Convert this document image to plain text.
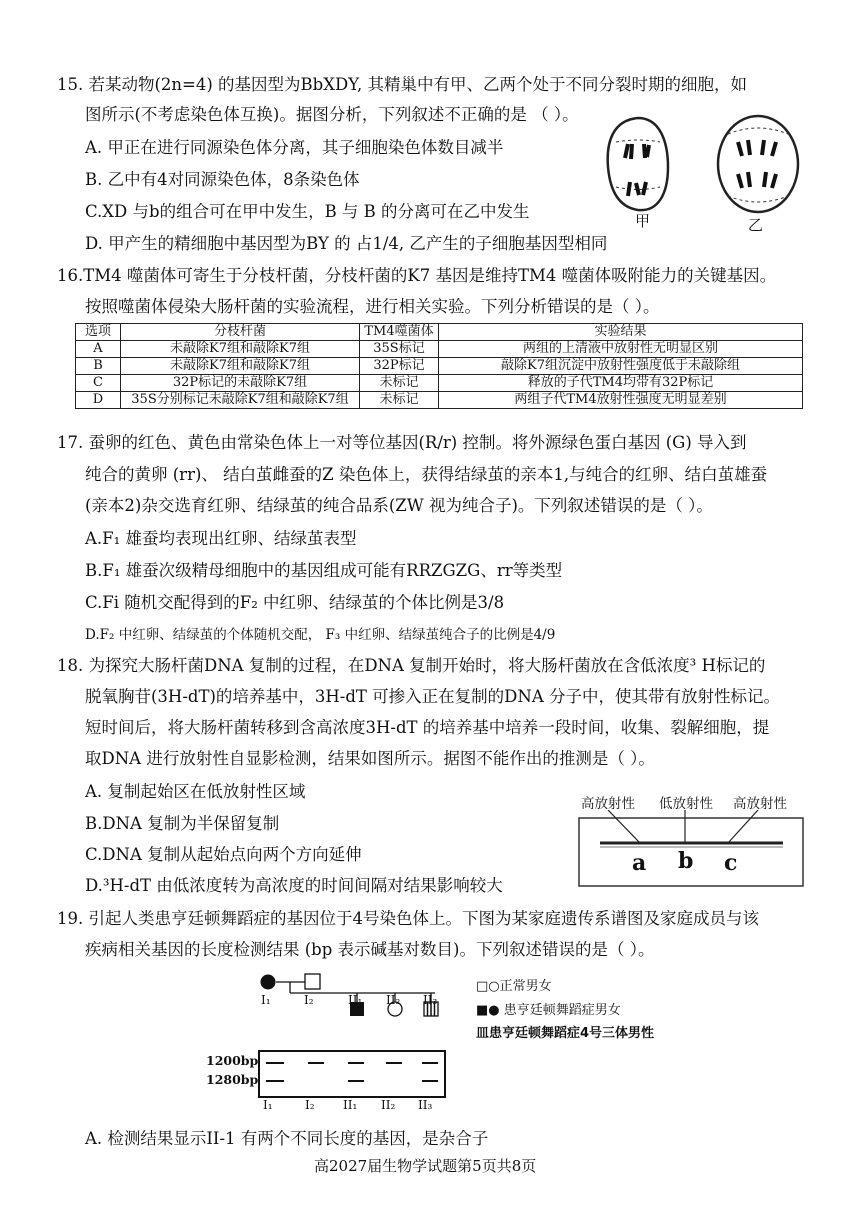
15. 若某动物(2n=4) 的基因型为BbXDY, 其精巢中有甲、乙两个处于不同分裂时期的细胞，如
图所示(不考虑染色体互换)。据图分析，下列叙述不正确的是 （ ）。
A. 甲正在进行同源染色体分离，其子细胞染色体数目减半
B. 乙中有4对同源染色体，8条染色体
C.XD 与b的组合可在甲中发生，B 与 B 的分离可在乙中发生
D. 甲产生的精细胞中基因型为BY 的 占1/4, 乙产生的子细胞基因型相同
甲	乙
16.TM4 噬菌体可寄生于分枝杆菌，分枝杆菌的K7 基因是维持TM4 噬菌体吸附能力的关键基因。
按照噬菌体侵染大肠杆菌的实验流程，进行相关实验。下列分析错误的是（ ）。
选项	分枝杆菌	TM4噬菌体	实验结果
A	未敲除K7组和敲除K7组	35S标记	两组的上清液中放射性无明显区别
B	未敲除K7组和敲除K7组	32P标记	敲除K7组沉淀中放射性强度低于未敲除组
C	32P标记的未敲除K7组	未标记	释放的子代TM4均带有32P标记
D	35S分别标记未敲除K7组和敲除K7组	未标记	两组子代TM4放射性强度无明显差别
17. 蚕卵的红色、黄色由常染色体上一对等位基因(R/r) 控制。将外源绿色蛋白基因 (G) 导入到
纯合的黄卵 (rr)、 结白茧雌蚕的Z 染色体上，获得结绿茧的亲本1,与纯合的红卵、结白茧雄蚕
(亲本2)杂交选育红卵、结绿茧的纯合品系(ZW 视为纯合子)。下列叙述错误的是（ ）。
A.F₁ 雄蚕均表现出红卵、结绿茧表型
B.F₁ 雄蚕次级精母细胞中的基因组成可能有RRZGZG、rr等类型
C.Fi 随机交配得到的F₂ 中红卵、结绿茧的个体比例是3/8
D.F₂ 中红卵、结绿茧的个体随机交配， F₃ 中红卵、结绿茧纯合子的比例是4/9
18. 为探究大肠杆菌DNA 复制的过程，在DNA 复制开始时，将大肠杆菌放在含低浓度³ H标记的
脱氧胸苷(3H-dT)的培养基中，3H-dT 可掺入正在复制的DNA 分子中，使其带有放射性标记。
短时间后，将大肠杆菌转移到含高浓度3H-dT 的培养基中培养一段时间，收集、裂解细胞，提
取DNA 进行放射性自显影检测，结果如图所示。据图不能作出的推测是（ ）。
A. 复制起始区在低放射性区域
B.DNA 复制为半保留复制
C.DNA 复制从起始点向两个方向延伸
D.³H-dT 由低浓度转为高浓度的时间间隔对结果影响较大
高放射性 低放射性 高放射性
a b c
19. 引起人类患亨廷顿舞蹈症的基因位于4号染色体上。下图为某家庭遗传系谱图及家庭成员与该
疾病相关基因的长度检测结果 (bp 表示碱基对数目)。下列叙述错误的是（ ）。
I₁	I₂	II₁ II₂ II₃
□○正常男女
■● 患亨廷顿舞蹈症男女
皿患亨廷顿舞蹈症4号三体男性
1200bp
1280bp
I₁	I₂ II₁ II₂ II₃
A. 检测结果显示II-1 有两个不同长度的基因，是杂合子
高2027届生物学试题第5页共8页
